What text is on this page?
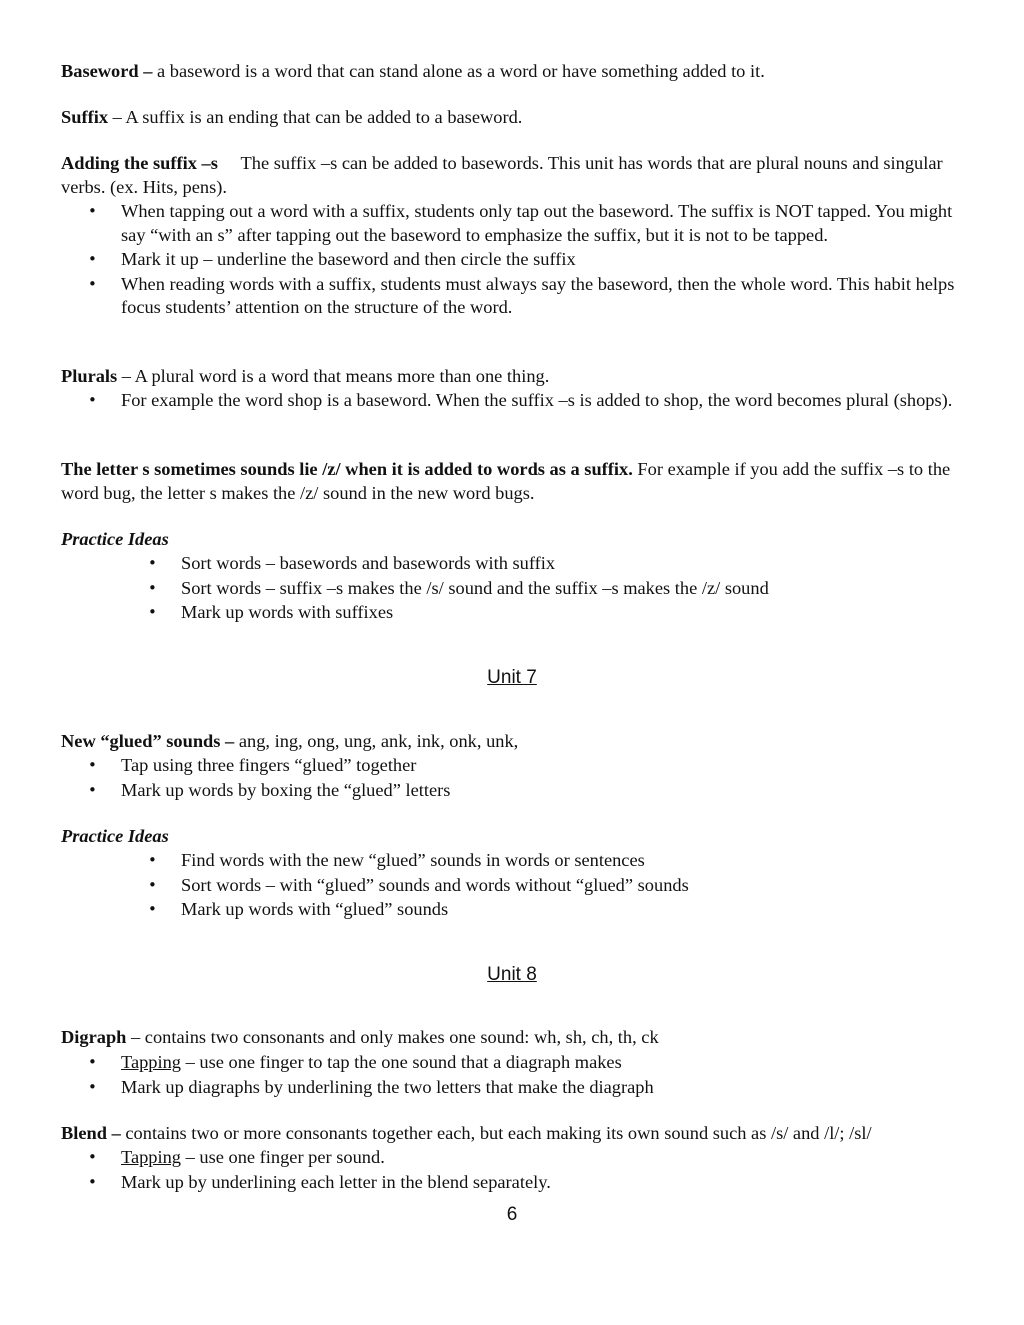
Baseword – a baseword is a word that can stand alone as a word or have something added to it.

Suffix – A suffix is an ending that can be added to a baseword.

Adding the suffix –s     The suffix –s can be added to basewords. This unit has words that are plural nouns and singular verbs. (ex. Hits, pens).

• When tapping out a word with a suffix, students only tap out the baseword. The suffix is NOT tapped. You might say “with an s” after tapping out the baseword to emphasize the suffix, but it is not to be tapped.
• Mark it up – underline the baseword and then circle the suffix
• When reading words with a suffix, students must always say the baseword, then the whole word. This habit helps focus students’ attention on the structure of the word.

Plurals – A plural word is a word that means more than one thing.

• For example the word shop is a baseword. When the suffix –s is added to shop, the word becomes plural (shops).

The letter s sometimes sounds lie /z/ when it is added to words as a suffix. For example if you add the suffix –s to the word bug, the letter s makes the /z/ sound in the new word bugs.

Practice Ideas

• Sort words – basewords and basewords with suffix
• Sort words – suffix –s makes the /s/ sound and the suffix –s makes the /z/ sound
• Mark up words with suffixes
Unit 7

New “glued” sounds – ang, ing, ong, ung, ank, ink, onk, unk,

• Tap using three fingers “glued” together
• Mark up words by boxing the “glued” letters

Practice Ideas

• Find words with the new “glued” sounds in words or sentences
• Sort words – with “glued” sounds and words without “glued” sounds
• Mark up words with “glued” sounds
Unit 8

Digraph – contains two consonants and only makes one sound: wh, sh, ch, th, ck

• Tapping – use one finger to tap the one sound that a diagraph makes
• Mark up diagraphs by underlining the two letters that make the diagraph

Blend – contains two or more consonants together each, but each making its own sound such as /s/ and /l/; /sl/

• Tapping – use one finger per sound.
• Mark up by underlining each letter in the blend separately.
6
